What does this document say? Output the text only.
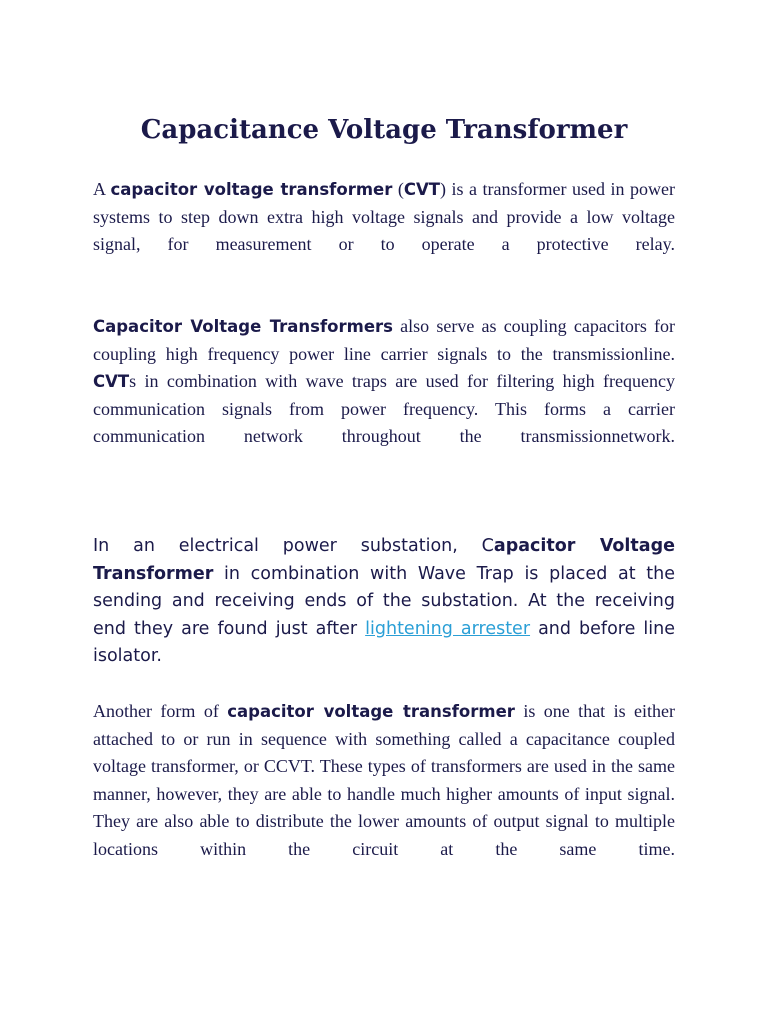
Capacitance Voltage Transformer

A capacitor voltage transformer (CVT) is a transformer used in power systems to step down extra high voltage signals and provide a low voltage signal, for measurement or to operate a protective relay.

Capacitor Voltage Transformers also serve as coupling capacitors for coupling high frequency power line carrier signals to the transmissionline.
CVTs in combination with wave traps are used for filtering high frequency communication signals from power frequency. This forms a carrier communication network throughout the transmissionnetwork.

In an electrical power substation, Capacitor Voltage Transformer in combination with Wave Trap is placed at the sending and receiving ends of the substation. At the receiving end they are found just after lightening arrester and before line isolator.

Another form of capacitor voltage transformer is one that is either attached to or run in sequence with something called a capacitance coupled voltage transformer, or CCVT. These types of transformers are used in the same manner, however, they are able to handle much higher amounts of input signal. They are also able to distribute the lower amounts of output signal to multiple locations within the circuit at the same time.
